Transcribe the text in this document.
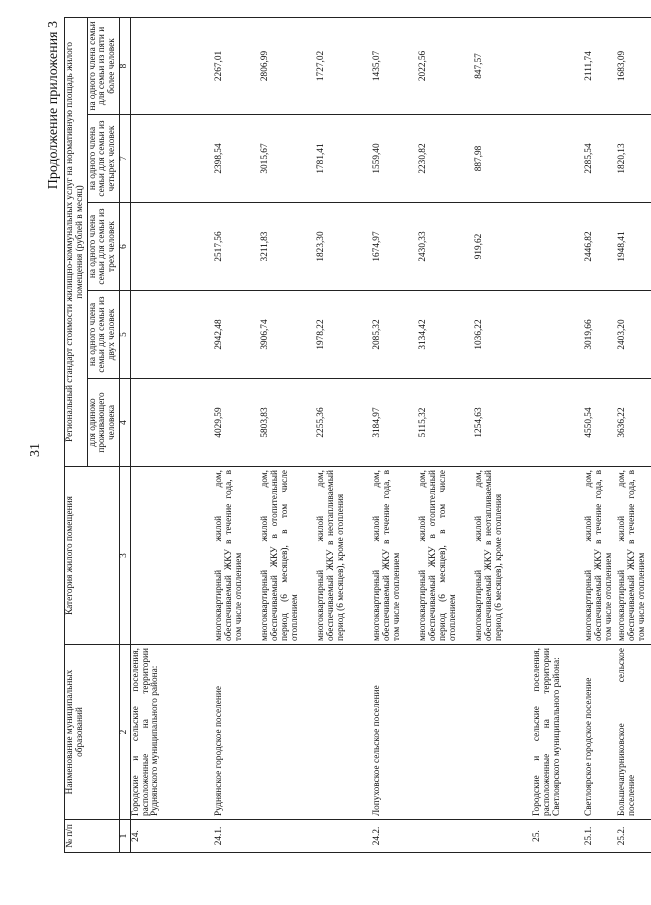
31
Продолжение приложения 3
№ п/п	Наименование муниципальных образований	Категория жилого помещения	Региональный стандарт стоимости жилищно-коммунальных услуг на нормативную площадь жилого помещения (рублей в месяц)				
			для одиноко проживающего человека	на одного члена семьи для семьи из двух человек	на одного члена семьи для семьи из трех человек	на одного члена семьи для семьи из четырех человек	на одного члена семьи для семьи из пяти и более человек
1	2	3	4	5	6	7	8
24.	Городские и сельские поселения, расположенные на территории Руднянского муниципального района:						
24.1.	Руднянское городское поселение	многоквартирный жилой дом, обеспечиваемый ЖКУ в течение года, в том числе отоплением	4029,59	2942,48	2517,56	2398,54	2267,01
		многоквартирный жилой дом, обеспечиваемый ЖКУ в отопительный период (6 месяцев), в том числе отоплением	5803,83	3906,74	3211,83	3015,67	2806,99
		многоквартирный жилой дом, обеспечиваемый ЖКУ в неотапливаемый период (6 месяцев), кроме отопления	2255,36	1978,22	1823,30	1781,41	1727,02
24.2.	Лопуховское сельское поселение	многоквартирный жилой дом, обеспечиваемый ЖКУ в течение года, в том числе отоплением	3184,97	2085,32	1674,97	1559,40	1435,07
		многоквартирный жилой дом, обеспечиваемый ЖКУ в отопительный период (6 месяцев), в том числе отоплением	5115,32	3134,42	2430,33	2230,82	2022,56
		многоквартирный жилой дом, обеспечиваемый ЖКУ в неотапливаемый период (6 месяцев), кроме отопления	1254,63	1036,22	919,62	887,98	847,57
25.	Городские и сельские поселения, расположенные на территории Светлоярского муниципального района:						
25.1.	Светлоярское городское поселение	многоквартирный жилой дом, обеспечиваемый ЖКУ в течение года, в том числе отоплением	4550,54	3019,66	2446,82	2285,54	2111,74
25.2.	Большечапурниковское сельское поселение	многоквартирный жилой дом, обеспечиваемый ЖКУ в течение года, в том числе отоплением	3636,22	2403,20	1948,41	1820,13	1683,09
